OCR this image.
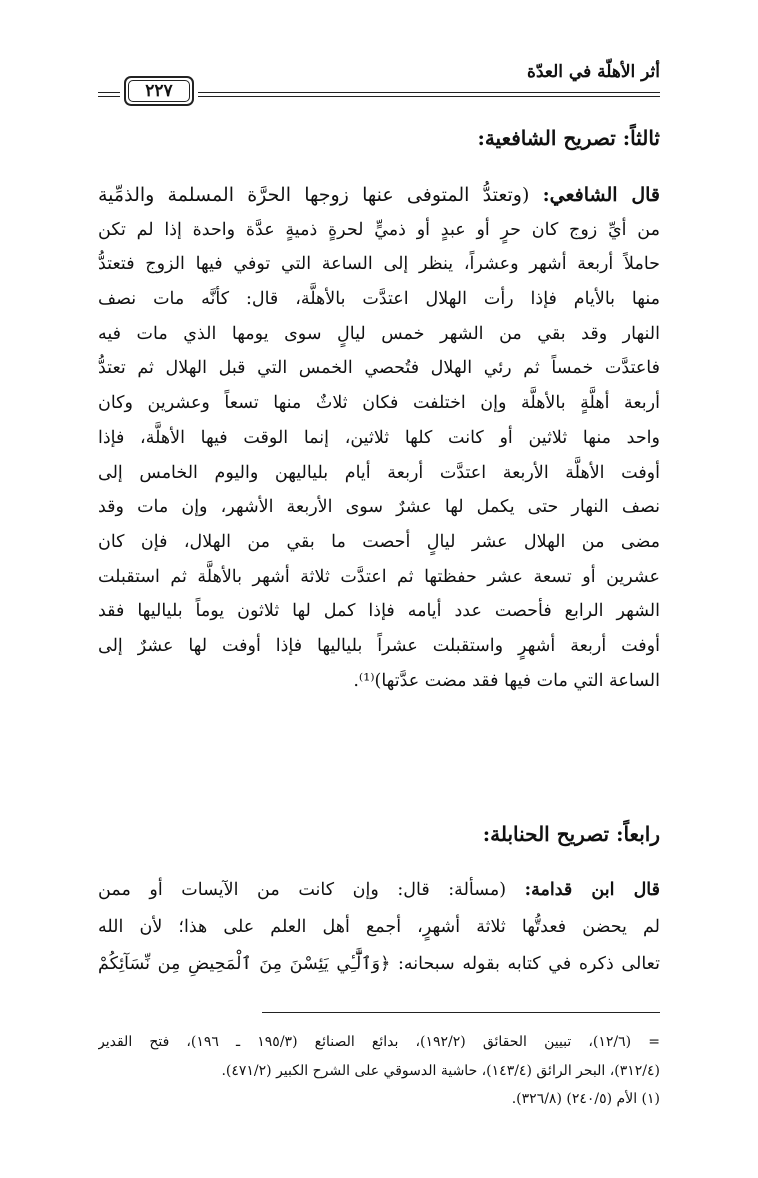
أثر الأهلّة في العدّة
٢٢٧
ثالثاً: تصريح الشافعية:
قال الشافعي: (وتعتدُّ المتوفى عنها زوجها الحرَّة المسلمة والذمِّية
من أيِّ زوج كان حرٍ أو عبدٍ أو ذميٍّ لحرةٍ ذميةٍ عدَّة واحدة إذا لم تكن
حاملاً أربعة أشهر وعشراً، ينظر إلى الساعة التي توفي فيها الزوج فتعتدُّ
منها بالأيام فإذا رأت الهلال اعتدَّت بالأهلَّة، قال: كأنَّه مات نصف
النهار وقد بقي من الشهر خمس ليالٍ سوى يومها الذي مات فيه
فاعتدَّت خمساً ثم رئي الهلال فتُحصي الخمس التي قبل الهلال ثم تعتدُّ
أربعة أهلَّةٍ بالأهلَّة وإن اختلفت فكان ثلاثٌ منها تسعاً وعشرين وكان
واحد منها ثلاثين أو كانت كلها ثلاثين، إنما الوقت فيها الأهلَّة، فإذا
أوفت الأهلَّة الأربعة اعتدَّت أربعة أيام بلياليهن واليوم الخامس إلى
نصف النهار حتى يكمل لها عشرٌ سوى الأربعة الأشهر، وإن مات وقد
مضى من الهلال عشر ليالٍ أحصت ما بقي من الهلال، فإن كان
عشرين أو تسعة عشر حفظتها ثم اعتدَّت ثلاثة أشهر بالأهلَّة ثم استقبلت
الشهر الرابع فأحصت عدد أيامه فإذا كمل لها ثلاثون يوماً بلياليها فقد
أوفت أربعة أشهرٍ واستقبلت عشراً بلياليها فإذا أوفت لها عشرٌ إلى
الساعة التي مات فيها فقد مضت عدَّتها)⁽¹⁾.
رابعاً: تصريح الحنابلة:
قال ابن قدامة: (مسألة: قال: وإن كانت من الآيسات أو ممن
لم يحضن فعدتُّها ثلاثة أشهرٍ، أجمع أهل العلم على هذا؛ لأن الله
تعالى ذكره في كتابه بقوله سبحانه: ﴿وَٱلَّٰٓـِٔي يَئِسْنَ مِنَ ٱلْمَحِيضِ مِن نِّسَآئِكُمْ
= (١٢/٦)، تبيين الحقائق (١٩٢/٢)، بدائع الصنائع (١٩٥/٣ ـ ١٩٦)، فتح القدير
(٣١٢/٤)، البحر الرائق (١٤٣/٤)، حاشية الدسوقي على الشرح الكبير (٤٧١/٢).
(١) الأم (٢٤٠/٥) (٣٢٦/٨).
